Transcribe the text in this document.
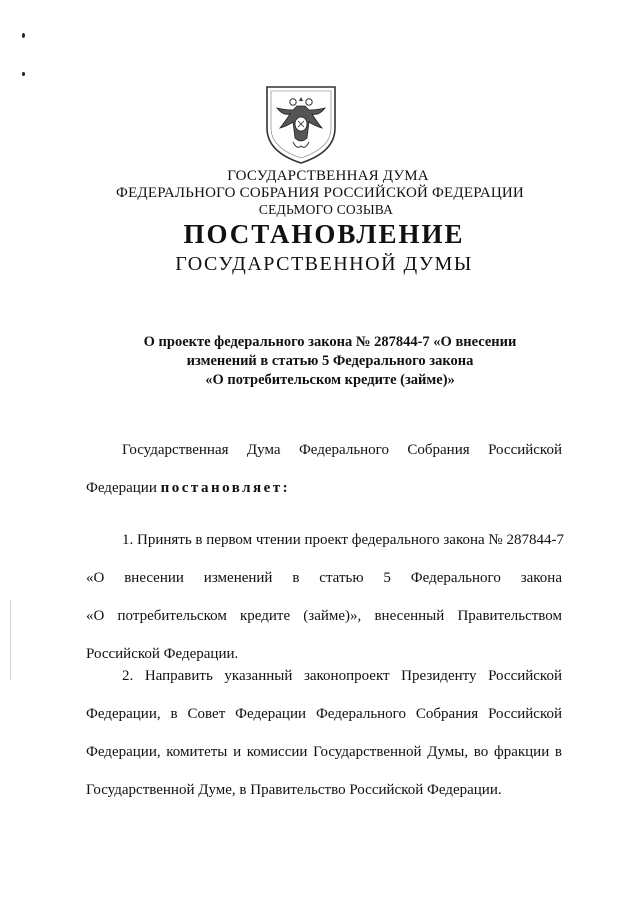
ГОСУДАРСТВЕННАЯ ДУМА
ФЕДЕРАЛЬНОГО СОБРАНИЯ РОССИЙСКОЙ ФЕДЕРАЦИИ
СЕДЬМОГО СОЗЫВА
ПОСТАНОВЛЕНИЕ
ГОСУДАРСТВЕННОЙ ДУМЫ
О проекте федерального закона № 287844-7 «О внесении
изменений в статью 5 Федерального закона
«О потребительском кредите (займе)»
Государственная Дума Федерального Собрания Российской
Федерации постановляет:
1. Принять в первом чтении проект федерального закона № 287844-7
«О внесении изменений в статью 5 Федерального закона
«О потребительском кредите (займе)», внесенный Правительством
Российской Федерации.
2. Направить указанный законопроект Президенту Российской
Федерации, в Совет Федерации Федерального Собрания Российской
Федерации, комитеты и комиссии Государственной Думы, во фракции в
Государственной Думе, в Правительство Российской Федерации.
